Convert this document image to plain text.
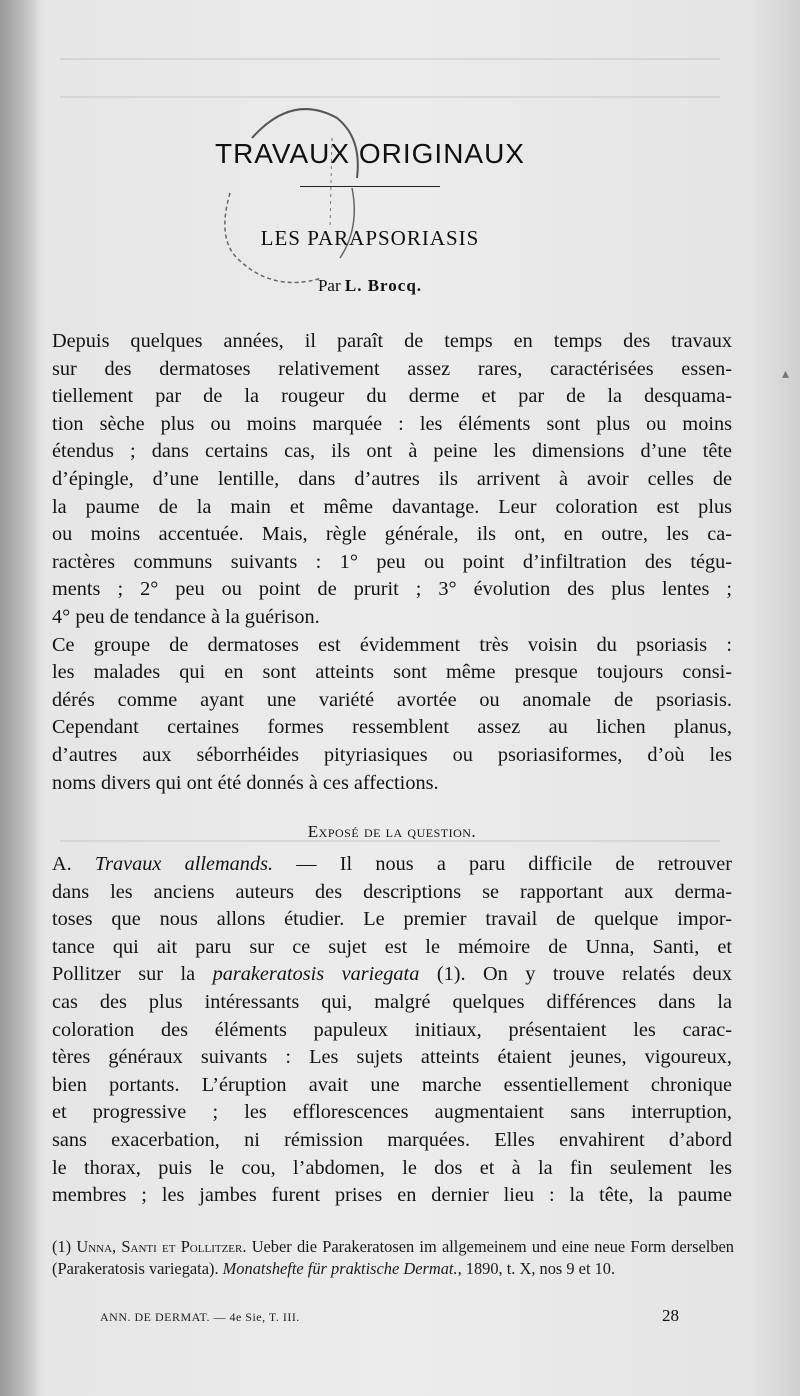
TRAVAUX ORIGINAUX
LES PARAPSORIASIS
Par L. Brocq.
▴
Depuis quelques années, il paraît de temps en temps des travaux
sur des dermatoses relativement assez rares, caractérisées essen-
tiellement par de la rougeur du derme et par de la desquama-
tion sèche plus ou moins marquée : les éléments sont plus ou moins
étendus ; dans certains cas, ils ont à peine les dimensions d’une tête
d’épingle, d’une lentille, dans d’autres ils arrivent à avoir celles de
la paume de la main et même davantage. Leur coloration est plus
ou moins accentuée. Mais, règle générale, ils ont, en outre, les ca-
ractères communs suivants : 1° peu ou point d’infiltration des tégu-
ments ; 2° peu ou point de prurit ; 3° évolution des plus lentes ;
4° peu de tendance à la guérison.
Ce groupe de dermatoses est évidemment très voisin du psoriasis :
les malades qui en sont atteints sont même presque toujours consi-
dérés comme ayant une variété avortée ou anomale de psoriasis.
Cependant certaines formes ressemblent assez au lichen planus,
d’autres aux séborrhéides pityriasiques ou psoriasiformes, d’où les
noms divers qui ont été donnés à ces affections.
Exposé de la question.
A. Travaux allemands. — Il nous a paru difficile de retrouver
dans les anciens auteurs des descriptions se rapportant aux derma-
toses que nous allons étudier. Le premier travail de quelque impor-
tance qui ait paru sur ce sujet est le mémoire de Unna, Santi, et
Pollitzer sur la parakeratosis variegata (1). On y trouve relatés deux
cas des plus intéressants qui, malgré quelques différences dans la
coloration des éléments papuleux initiaux, présentaient les carac-
tères généraux suivants : Les sujets atteints étaient jeunes, vigoureux,
bien portants. L’éruption avait une marche essentiellement chronique
et progressive ; les efflorescences augmentaient sans interruption,
sans exacerbation, ni rémission marquées. Elles envahirent d’abord
le thorax, puis le cou, l’abdomen, le dos et à la fin seulement les
membres ; les jambes furent prises en dernier lieu : la tête, la paume
(1) Unna, Santi et Pollitzer. Ueber die Parakeratosen im allgemeinem und eine neue Form derselben (Parakeratosis variegata). Monatshefte für praktische Dermat., 1890, t. X, nos 9 et 10.
ANN. DE DERMAT. — 4e Sie, T. III.	28
